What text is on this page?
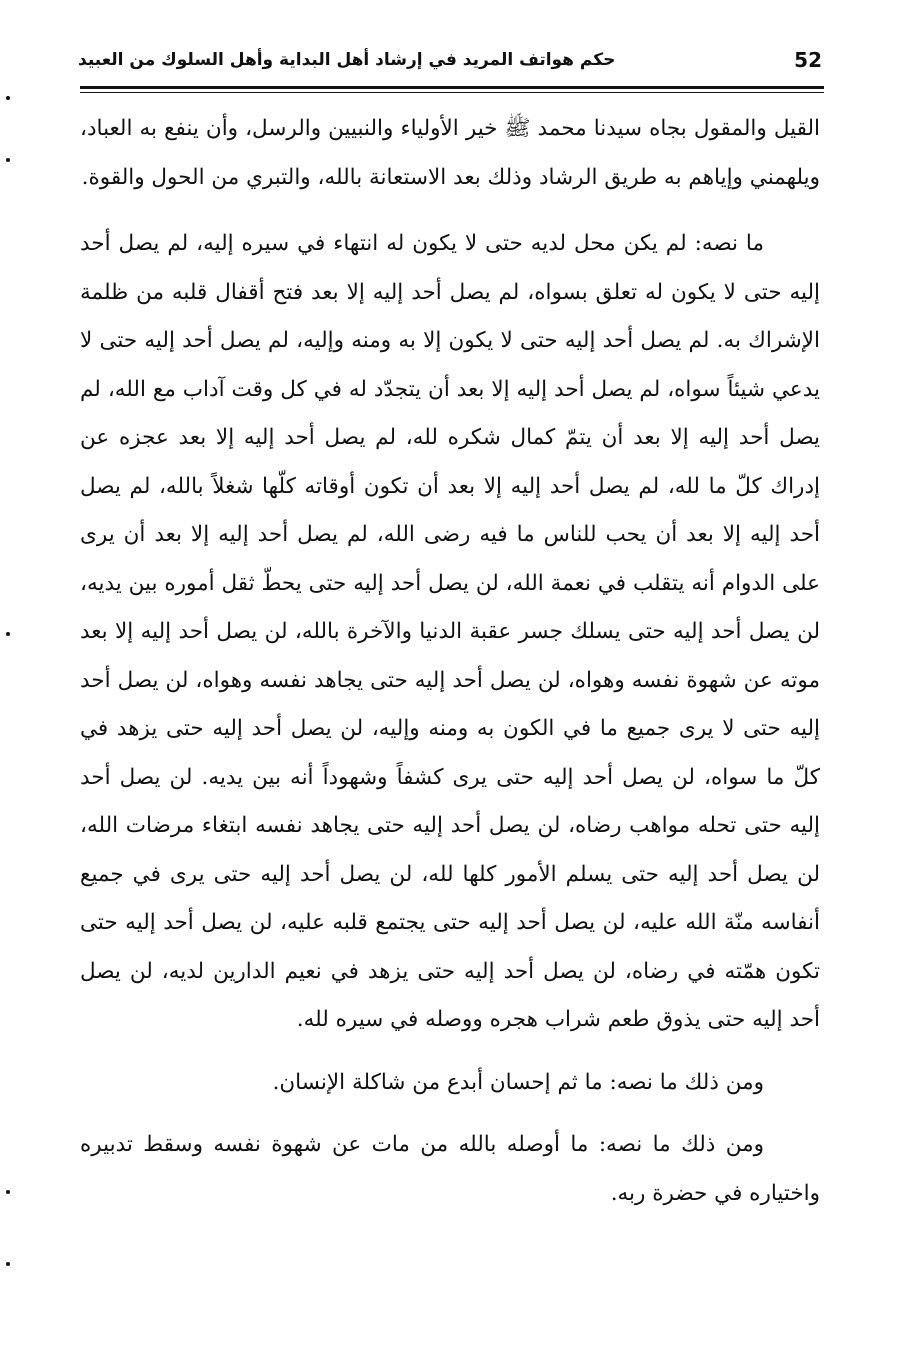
52
حكم هواتف المريد في إرشاد أهل البداية وأهل السلوك من العبيد

القيل والمقول بجاه سيدنا محمد ﷺ خير الأولياء والنبيين والرسل، وأن ينفع به العباد، ويلهمني وإياهم به طريق الرشاد وذلك بعد الاستعانة بالله، والتبري من الحول والقوة.

ما نصه: لم يكن محل لديه حتى لا يكون له انتهاء في سيره إليه، لم يصل أحد إليه حتى لا يكون له تعلق بسواه، لم يصل أحد إليه إلا بعد فتح أقفال قلبه من ظلمة الإشراك به. لم يصل أحد إليه حتى لا يكون إلا به ومنه وإليه، لم يصل أحد إليه حتى لا يدعي شيئاً سواه، لم يصل أحد إليه إلا بعد أن يتجدّد له في كل وقت آداب مع الله، لم يصل أحد إليه إلا بعد أن يتمّ كمال شكره لله، لم يصل أحد إليه إلا بعد عجزه عن إدراك كلّ ما لله، لم يصل أحد إليه إلا بعد أن تكون أوقاته كلّها شغلاً بالله، لم يصل أحد إليه إلا بعد أن يحب للناس ما فيه رضى الله، لم يصل أحد إليه إلا بعد أن يرى على الدوام أنه يتقلب في نعمة الله، لن يصل أحد إليه حتى يحطّ ثقل أموره بين يديه، لن يصل أحد إليه حتى يسلك جسر عقبة الدنيا والآخرة بالله، لن يصل أحد إليه إلا بعد موته عن شهوة نفسه وهواه، لن يصل أحد إليه حتى يجاهد نفسه وهواه، لن يصل أحد إليه حتى لا يرى جميع ما في الكون به ومنه وإليه، لن يصل أحد إليه حتى يزهد في كلّ ما سواه، لن يصل أحد إليه حتى يرى كشفاً وشهوداً أنه بين يديه. لن يصل أحد إليه حتى تحله مواهب رضاه، لن يصل أحد إليه حتى يجاهد نفسه ابتغاء مرضات الله، لن يصل أحد إليه حتى يسلم الأمور كلها لله، لن يصل أحد إليه حتى يرى في جميع أنفاسه منّة الله عليه، لن يصل أحد إليه حتى يجتمع قلبه عليه، لن يصل أحد إليه حتى تكون همّته في رضاه، لن يصل أحد إليه حتى يزهد في نعيم الدارين لديه، لن يصل أحد إليه حتى يذوق طعم شراب هجره ووصله في سيره لله.

ومن ذلك ما نصه: ما ثم إحسان أبدع من شاكلة الإنسان.

ومن ذلك ما نصه: ما أوصله بالله من مات عن شهوة نفسه وسقط تدبيره واختياره في حضرة ربه.
